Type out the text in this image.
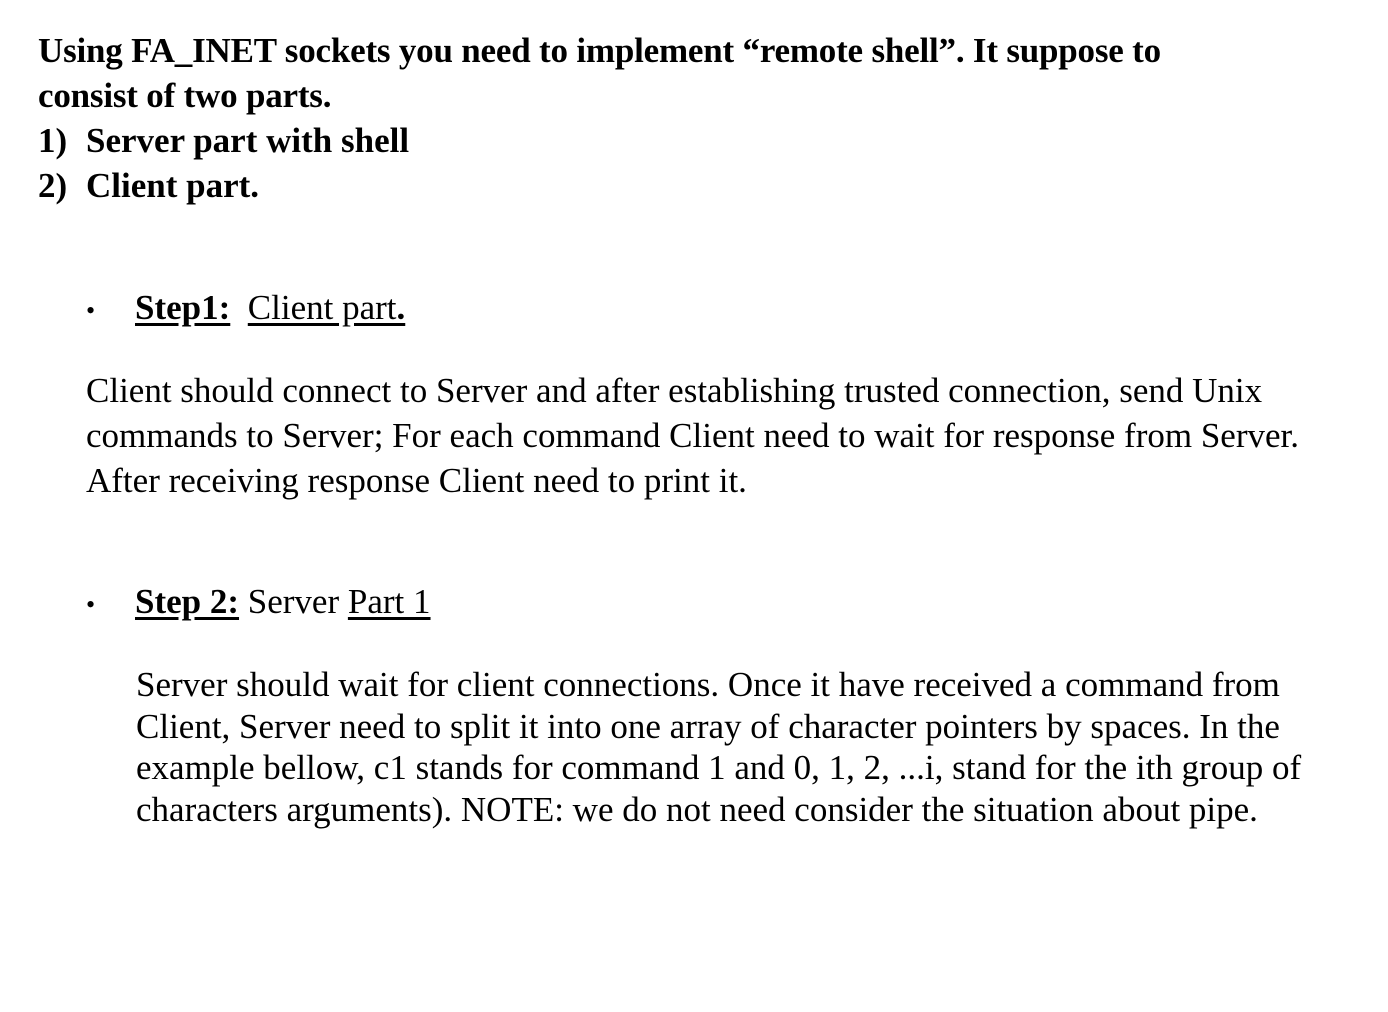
Using FA_INET sockets you need to implement “remote shell”. It suppose to

consist of two parts.

1) Server part with shell
2) Client part.
• Step1: Client part.

Client should connect to Server and after establishing trusted connection, send Unix commands to Server; For each command Client need to wait for response from Server. After receiving response Client need to print it.

• Step 2: Server Part 1

Server should wait for client connections. Once it have received a command from Client, Server need to split it into one array of character pointers by spaces. In the example bellow, c1 stands for command 1 and 0, 1, 2, ...i, stand for the ith group of characters arguments). NOTE: we do not need consider the situation about pipe.
